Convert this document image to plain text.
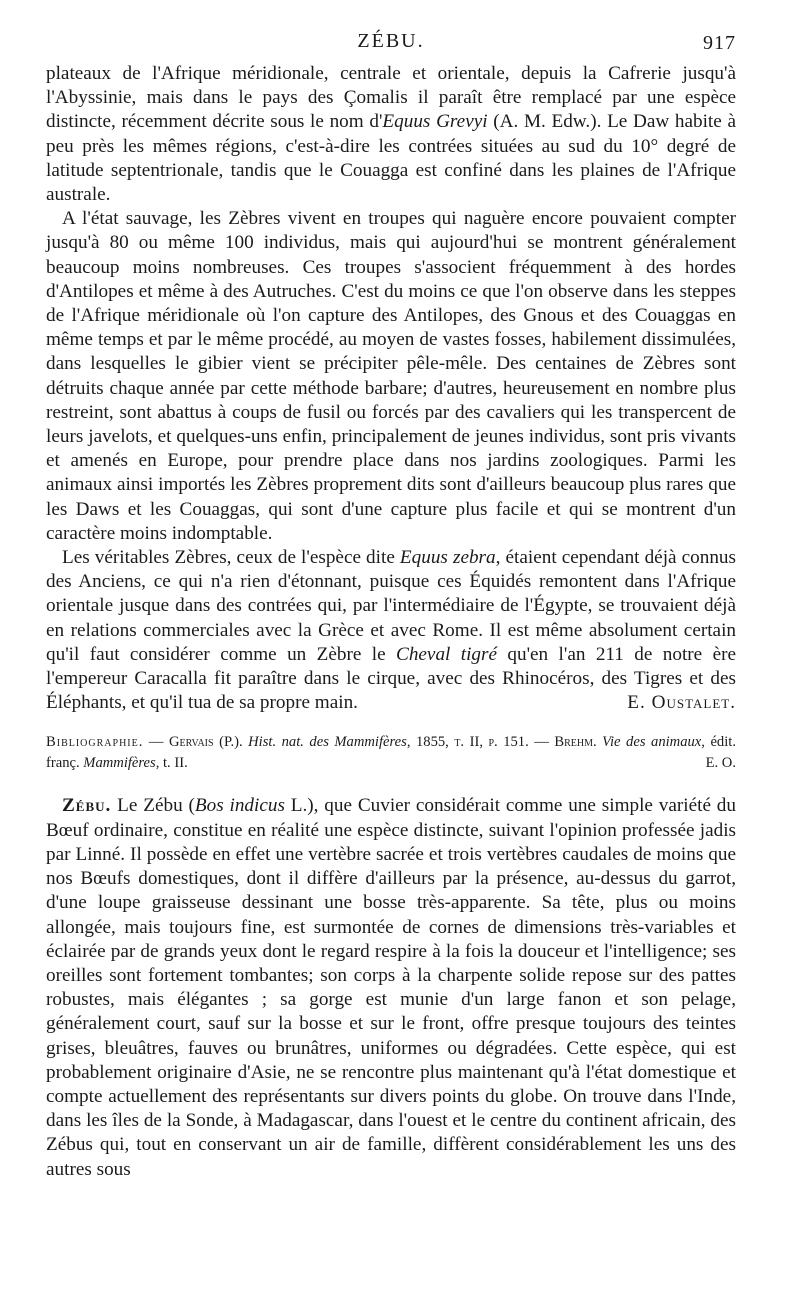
ZÉBU.	917

plateaux de l'Afrique méridionale, centrale et orientale, depuis la Cafrerie jusqu'à l'Abyssinie, mais dans le pays des Çomalis il paraît être remplacé par une espèce distincte, récemment décrite sous le nom d'Equus Grevyi (A. M. Edw.). Le Daw habite à peu près les mêmes régions, c'est-à-dire les contrées situées au sud du 10° degré de latitude septentrionale, tandis que le Couagga est confiné dans les plaines de l'Afrique australe.

A l'état sauvage, les Zèbres vivent en troupes qui naguère encore pouvaient compter jusqu'à 80 ou même 100 individus, mais qui aujourd'hui se montrent généralement beaucoup moins nombreuses. Ces troupes s'associent fréquemment à des hordes d'Antilopes et même à des Autruches. C'est du moins ce que l'on observe dans les steppes de l'Afrique méridionale où l'on capture des Antilopes, des Gnous et des Couaggas en même temps et par le même procédé, au moyen de vastes fosses, habilement dissimulées, dans lesquelles le gibier vient se précipiter pêle-mêle. Des centaines de Zèbres sont détruits chaque année par cette méthode barbare; d'autres, heureusement en nombre plus restreint, sont abattus à coups de fusil ou forcés par des cavaliers qui les transpercent de leurs javelots, et quelques-uns enfin, principalement de jeunes individus, sont pris vivants et amenés en Europe, pour prendre place dans nos jardins zoologiques. Parmi les animaux ainsi importés les Zèbres proprement dits sont d'ailleurs beaucoup plus rares que les Daws et les Couaggas, qui sont d'une capture plus facile et qui se montrent d'un caractère moins indomptable.

Les véritables Zèbres, ceux de l'espèce dite Equus zebra, étaient cependant déjà connus des Anciens, ce qui n'a rien d'étonnant, puisque ces Équidés remontent dans l'Afrique orientale jusque dans des contrées qui, par l'intermédiaire de l'Égypte, se trouvaient déjà en relations commerciales avec la Grèce et avec Rome. Il est même absolument certain qu'il faut considérer comme un Zèbre le Cheval tigré qu'en l'an 211 de notre ère l'empereur Caracalla fit paraître dans le cirque, avec des Rhinocéros, des Tigres et des Éléphants, et qu'il tua de sa propre main.	E. Oustalet.

Bibliographie. — Gervais (P.). Hist. nat. des Mammifères, 1855, t. II, p. 151. — Brehm. Vie des animaux, édit. franç. Mammifères, t. II.	E. O.

Zébu. Le Zébu (Bos indicus L.), que Cuvier considérait comme une simple variété du Bœuf ordinaire, constitue en réalité une espèce distincte, suivant l'opinion professée jadis par Linné. Il possède en effet une vertèbre sacrée et trois vertèbres caudales de moins que nos Bœufs domestiques, dont il diffère d'ailleurs par la présence, au-dessus du garrot, d'une loupe graisseuse dessinant une bosse très-apparente. Sa tête, plus ou moins allongée, mais toujours fine, est surmontée de cornes de dimensions très-variables et éclairée par de grands yeux dont le regard respire à la fois la douceur et l'intelligence; ses oreilles sont fortement tombantes; son corps à la charpente solide repose sur des pattes robustes, mais élégantes ; sa gorge est munie d'un large fanon et son pelage, généralement court, sauf sur la bosse et sur le front, offre presque toujours des teintes grises, bleuâtres, fauves ou brunâtres, uniformes ou dégradées. Cette espèce, qui est probablement originaire d'Asie, ne se rencontre plus maintenant qu'à l'état domestique et compte actuellement des représentants sur divers points du globe. On trouve dans l'Inde, dans les îles de la Sonde, à Madagascar, dans l'ouest et le centre du continent africain, des Zébus qui, tout en conservant un air de famille, diffèrent considérablement les uns des autres sous
